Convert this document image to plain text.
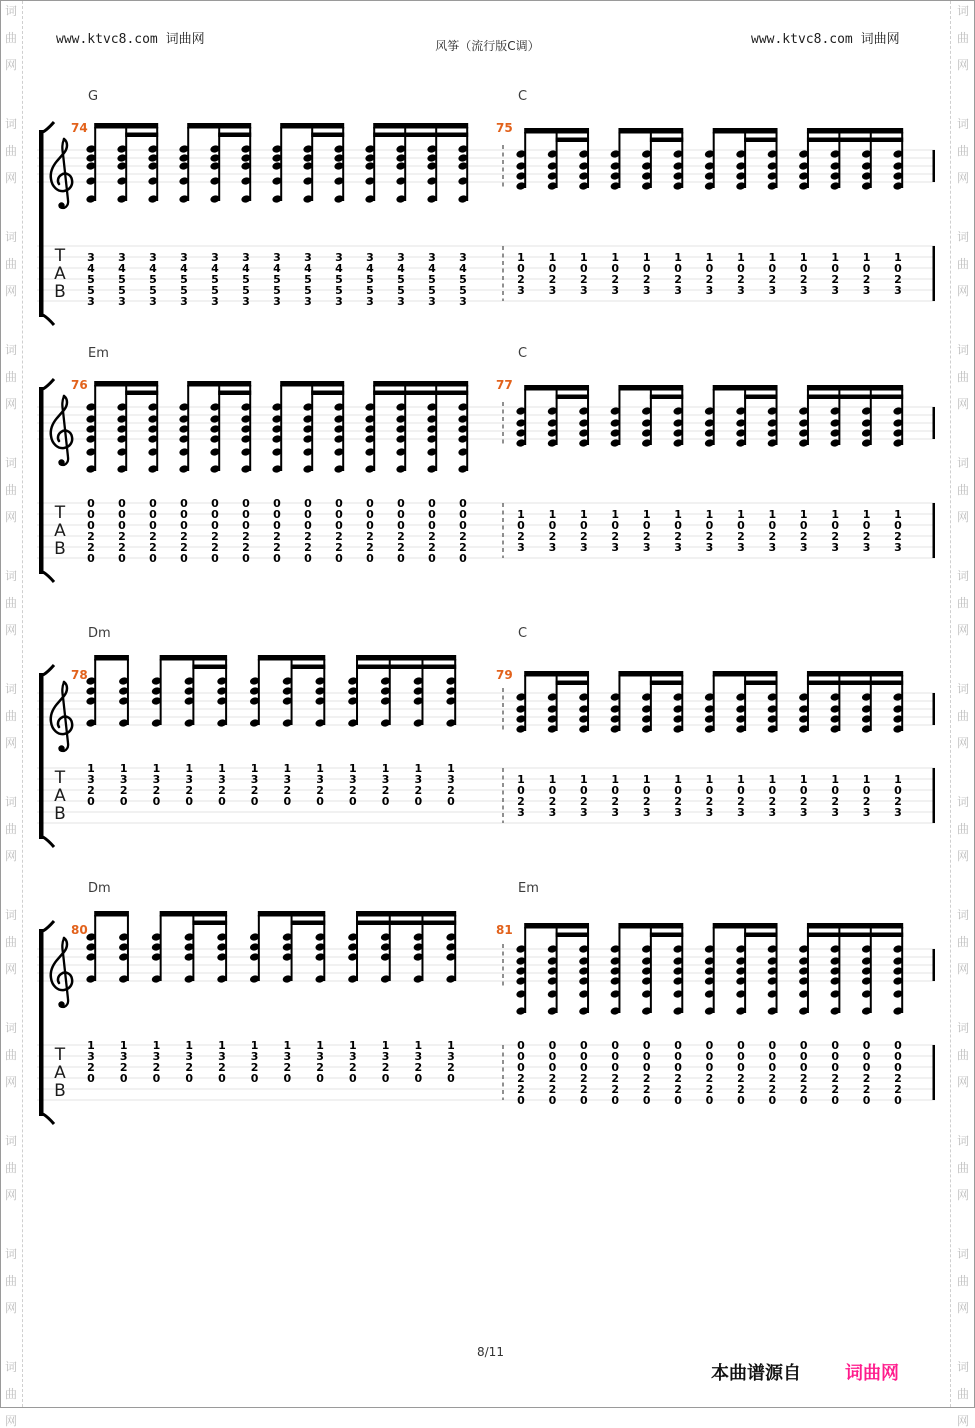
www.ktvc8.com 词曲网	风筝（流行版C调）	www.ktvc8.com 词曲网
词
曲
网
词
曲
网
词
曲
网
词
曲
网
词
曲
网
词
曲
网
词
曲
网
词
曲
网
词
曲
网
词
曲
网
词
曲
网
词
曲
网
词
曲
网
词
曲
网
词
曲
网
词
曲
网
词
曲
网
词
曲
网
词
曲
网
词
曲
网
词
曲
网
词
曲
网
词
曲
网
词
曲
网
词
曲
网
词
曲
网
T
A
B
74
G
3
4
5
5
3
3
4
5
5
3
3
4
5
5
3
3
4
5
5
3
3
4
5
5
3
3
4
5
5
3
3
4
5
5
3
3
4
5
5
3
3
4
5
5
3
3
4
5
5
3
3
4
5
5
3
3
4
5
5
3
3
4
5
5
3
75
C
1
0
2
3
1
0
2
3
1
0
2
3
1
0
2
3
1
0
2
3
1
0
2
3
1
0
2
3
1
0
2
3
1
0
2
3
1
0
2
3
1
0
2
3
1
0
2
3
1
0
2
3
T
A
B
76
Em
0
0
0
2
2
0
0
0
0
2
2
0
0
0
0
2
2
0
0
0
0
2
2
0
0
0
0
2
2
0
0
0
0
2
2
0
0
0
0
2
2
0
0
0
0
2
2
0
0
0
0
2
2
0
0
0
0
2
2
0
0
0
0
2
2
0
0
0
0
2
2
0
0
0
0
2
2
0
77
C
1
0
2
3
1
0
2
3
1
0
2
3
1
0
2
3
1
0
2
3
1
0
2
3
1
0
2
3
1
0
2
3
1
0
2
3
1
0
2
3
1
0
2
3
1
0
2
3
1
0
2
3
T
A
B
78
Dm
1
3
2
0
1
3
2
0
1
3
2
0
1
3
2
0
1
3
2
0
1
3
2
0
1
3
2
0
1
3
2
0
1
3
2
0
1
3
2
0
1
3
2
0
1
3
2
0
79
C
1
0
2
3
1
0
2
3
1
0
2
3
1
0
2
3
1
0
2
3
1
0
2
3
1
0
2
3
1
0
2
3
1
0
2
3
1
0
2
3
1
0
2
3
1
0
2
3
1
0
2
3
T
A
B
80
Dm
1
3
2
0
1
3
2
0
1
3
2
0
1
3
2
0
1
3
2
0
1
3
2
0
1
3
2
0
1
3
2
0
1
3
2
0
1
3
2
0
1
3
2
0
1
3
2
0
81
Em
0
0
0
2
2
0
0
0
0
2
2
0
0
0
0
2
2
0
0
0
0
2
2
0
0
0
0
2
2
0
0
0
0
2
2
0
0
0
0
2
2
0
0
0
0
2
2
0
0
0
0
2
2
0
0
0
0
2
2
0
0
0
0
2
2
0
0
0
0
2
2
0
0
0
0
2
2
0
8/11
本曲谱源自 词曲网
